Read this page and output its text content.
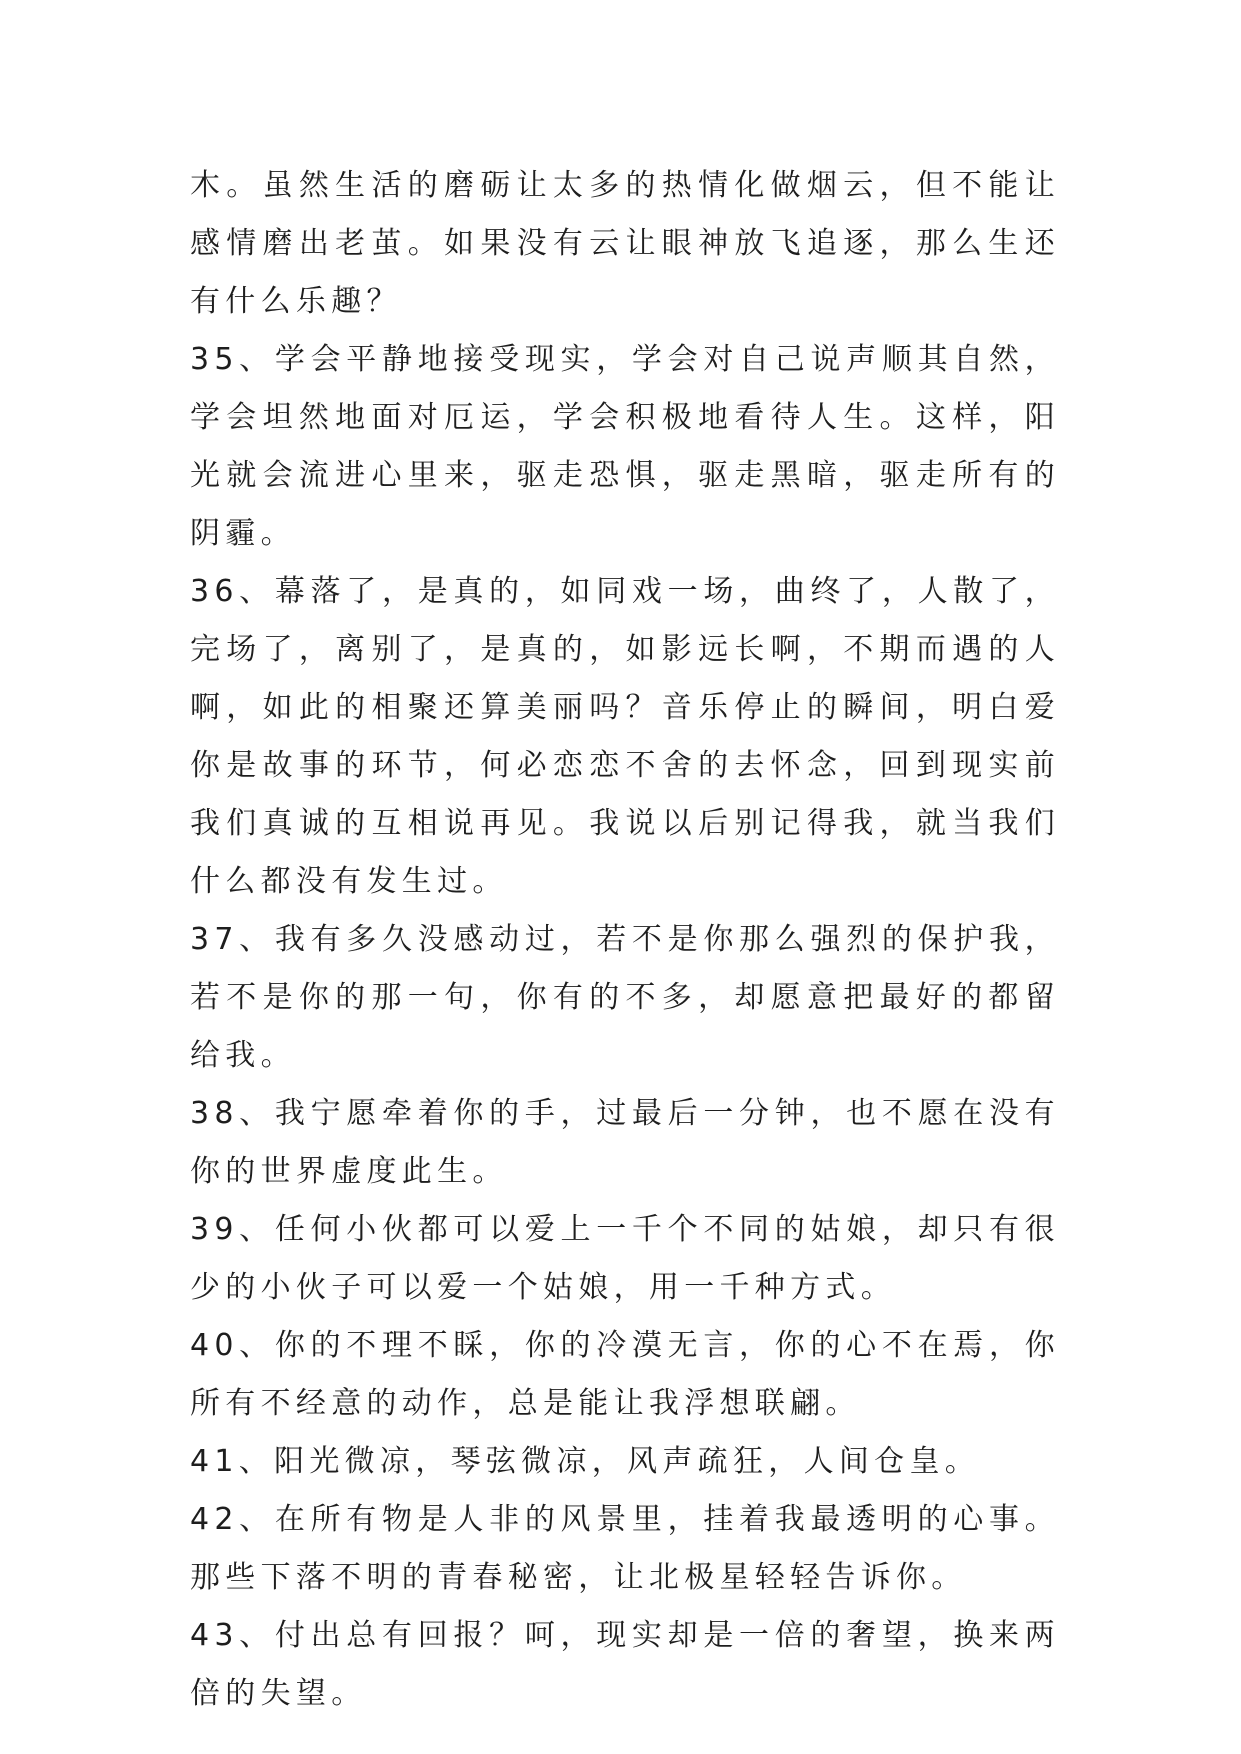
木。虽然生活的磨砺让太多的热情化做烟云，但不能让感情磨出老茧。如果没有云让眼神放飞追逐，那么生还有什么乐趣？

35、学会平静地接受现实，学会对自己说声顺其自然，学会坦然地面对厄运，学会积极地看待人生。这样，阳光就会流进心里来，驱走恐惧，驱走黑暗，驱走所有的阴霾。

36、幕落了，是真的，如同戏一场，曲终了，人散了，完场了，离别了，是真的，如影远长啊，不期而遇的人啊，如此的相聚还算美丽吗？音乐停止的瞬间，明白爱你是故事的环节，何必恋恋不舍的去怀念，回到现实前我们真诚的互相说再见。我说以后别记得我，就当我们什么都没有发生过。

37、我有多久没感动过，若不是你那么强烈的保护我，若不是你的那一句，你有的不多，却愿意把最好的都留给我。

38、我宁愿牵着你的手，过最后一分钟，也不愿在没有你的世界虚度此生。

39、任何小伙都可以爱上一千个不同的姑娘，却只有很少的小伙子可以爱一个姑娘，用一千种方式。

40、你的不理不睬，你的冷漠无言，你的心不在焉，你所有不经意的动作，总是能让我浮想联翩。

41、阳光微凉，琴弦微凉，风声疏狂，人间仓皇。

42、在所有物是人非的风景里，挂着我最透明的心事。 那些下落不明的青春秘密，让北极星轻轻告诉你。

43、付出总有回报？呵，现实却是一倍的奢望，换来两倍的失望。
